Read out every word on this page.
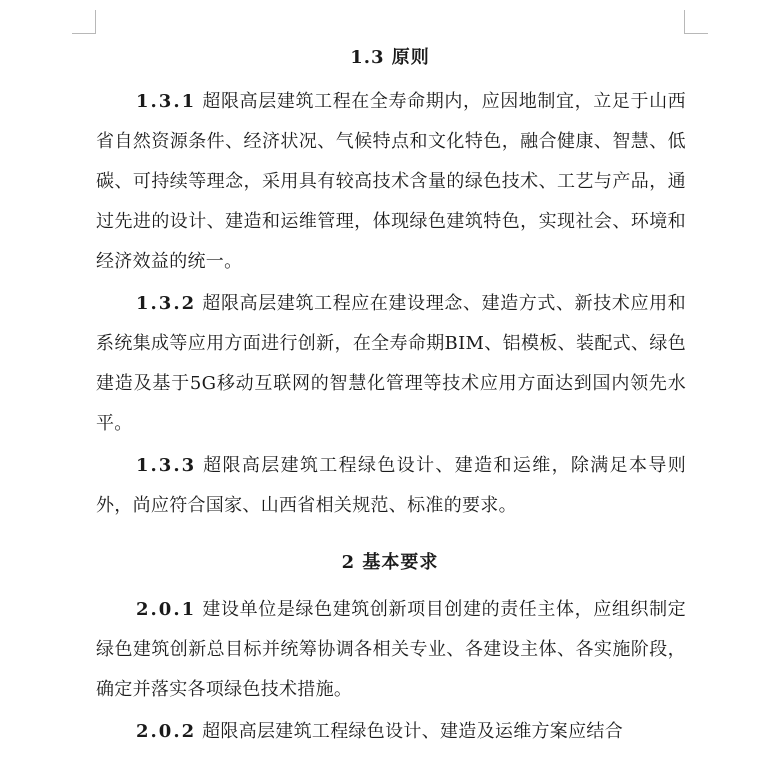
1.3 原则

1.3.1 超限高层建筑工程在全寿命期内，应因地制宜，立足于山西省自然资源条件、经济状况、气候特点和文化特色，融合健康、智慧、低碳、可持续等理念，采用具有较高技术含量的绿色技术、工艺与产品，通过先进的设计、建造和运维管理，体现绿色建筑特色，实现社会、环境和经济效益的统一。

1.3.2 超限高层建筑工程应在建设理念、建造方式、新技术应用和系统集成等应用方面进行创新，在全寿命期BIM、铝模板、装配式、绿色建造及基于5G移动互联网的智慧化管理等技术应用方面达到国内领先水平。

1.3.3 超限高层建筑工程绿色设计、建造和运维，除满足本导则外，尚应符合国家、山西省相关规范、标准的要求。

2 基本要求

2.0.1 建设单位是绿色建筑创新项目创建的责任主体，应组织制定绿色建筑创新总目标并统筹协调各相关专业、各建设主体、各实施阶段，确定并落实各项绿色技术措施。

2.0.2 超限高层建筑工程绿色设计、建造及运维方案应结合
